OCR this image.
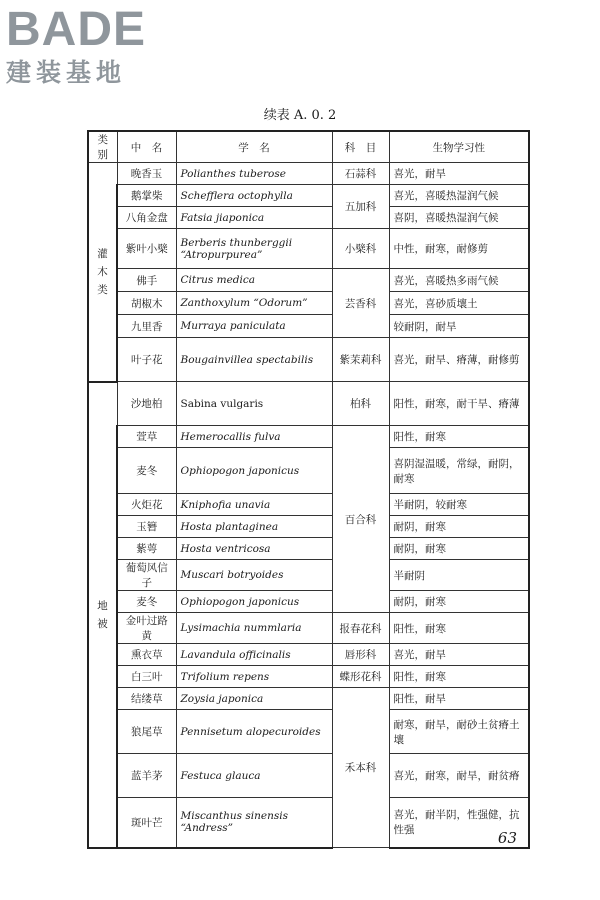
BADE
建装基地
续表 A. 0. 2
类别	中　名	学　名	科　目	生物学习性
灌木类	晚香玉	Polianthes tuberose	石蒜科	喜光，耐旱
	鹅掌柴	Schefflera octophylla	五加科	喜光，喜暖热湿润气候
	八角金盘	Fatsia jiaponica		喜阴，喜暖热湿润气候
	紫叶小檗	Berberis thunberggii “Atropurpurea”	小檗科	中性，耐寒，耐修剪
	佛手	Citrus medica	芸香科	喜光，喜暖热多雨气候
	胡椒木	Zanthoxylum “Odorum”		喜光，喜砂质壤土
	九里香	Murraya paniculata		较耐阴，耐旱
	叶子花	Bougainvillea spectabilis	紫茉莉科	喜光，耐旱、瘠薄，耐修剪
地被	沙地柏	Sabina vulgaris	柏科	阳性，耐寒，耐干旱、瘠薄
	萱草	Hemerocallis fulva	百合科	阳性，耐寒
	麦冬	Ophiopogon japonicus		喜阴湿温暖，常绿，耐阴，耐寒
	火炬花	Kniphofia unavia		半耐阴，较耐寒
	玉簪	Hosta plantaginea		耐阴，耐寒
	紫萼	Hosta ventricosa		耐阴，耐寒
	葡萄风信子	Muscari botryoides		半耐阴
	麦冬	Ophiopogon japonicus		耐阴，耐寒
	金叶过路黄	Lysimachia nummlaria	报春花科	阳性，耐寒
	熏衣草	Lavandula officinalis	唇形科	喜光，耐旱
	白三叶	Trifolium repens	蝶形花科	阳性，耐寒
	结缕草	Zoysia japonica	禾本科	阳性，耐旱
	狼尾草	Pennisetum alopecuroides		耐寒，耐旱，耐砂土贫瘠土壤
	蓝羊茅	Festuca glauca		喜光，耐寒，耐旱，耐贫瘠
	斑叶芒	Miscanthus sinensis “Andress”		喜光，耐半阴，性强健，抗性强	63
